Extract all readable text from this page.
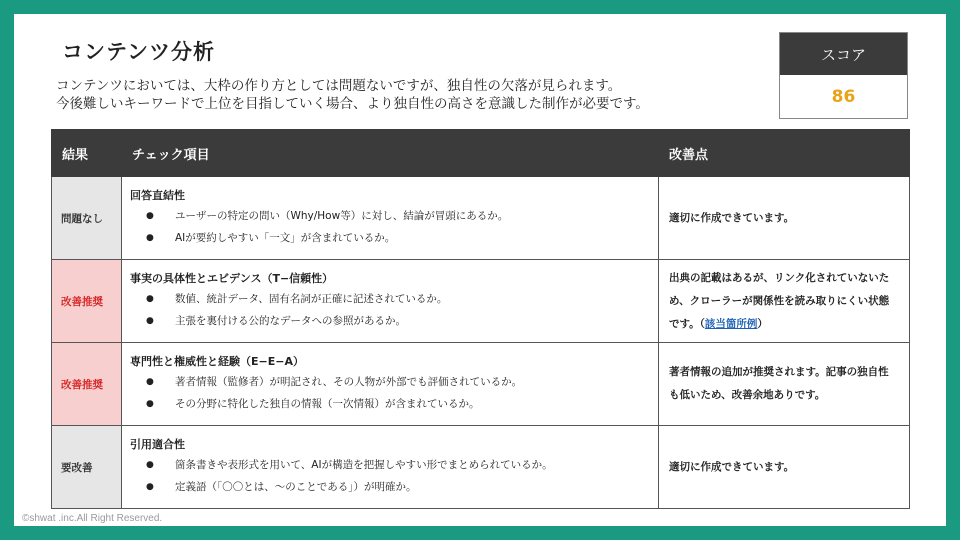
コンテンツ分析
コンテンツにおいては、大枠の作り方としては問題ないですが、独自性の欠落が見られます。
今後難しいキーワードで上位を目指していく場合、より独自性の高さを意識した制作が必要です。
スコア
86
結果	チェック項目	改善点
問題なし	回答直結性
● ユーザーの特定の問い（Why/How等）に対し、結論が冒頭にあるか。
● AIが要約しやすい「一文」が含まれているか。	適切に作成できています。
改善推奨	事実の具体性とエビデンス（T−信頼性）
● 数値、統計データ、固有名詞が正確に記述されているか。
● 主張を裏付ける公的なデータへの参照があるか。	出典の記載はあるが、リンク化されていないため、クローラーが関係性を読み取りにくい状態です。（該当箇所例）
改善推奨	専門性と権威性と経験（E−E−A）
● 著者情報（監修者）が明記され、その人物が外部でも評価されているか。
● その分野に特化した独自の情報（一次情報）が含まれているか。	著者情報の追加が推奨されます。記事の独自性も低いため、改善余地ありです。
要改善	引用適合性
● 箇条書きや表形式を用いて、AIが構造を把握しやすい形でまとめられているか。
● 定義語（「〇〇とは、〜のことである」）が明確か。	適切に作成できています。
©shwat .inc.All Right Reserved.
